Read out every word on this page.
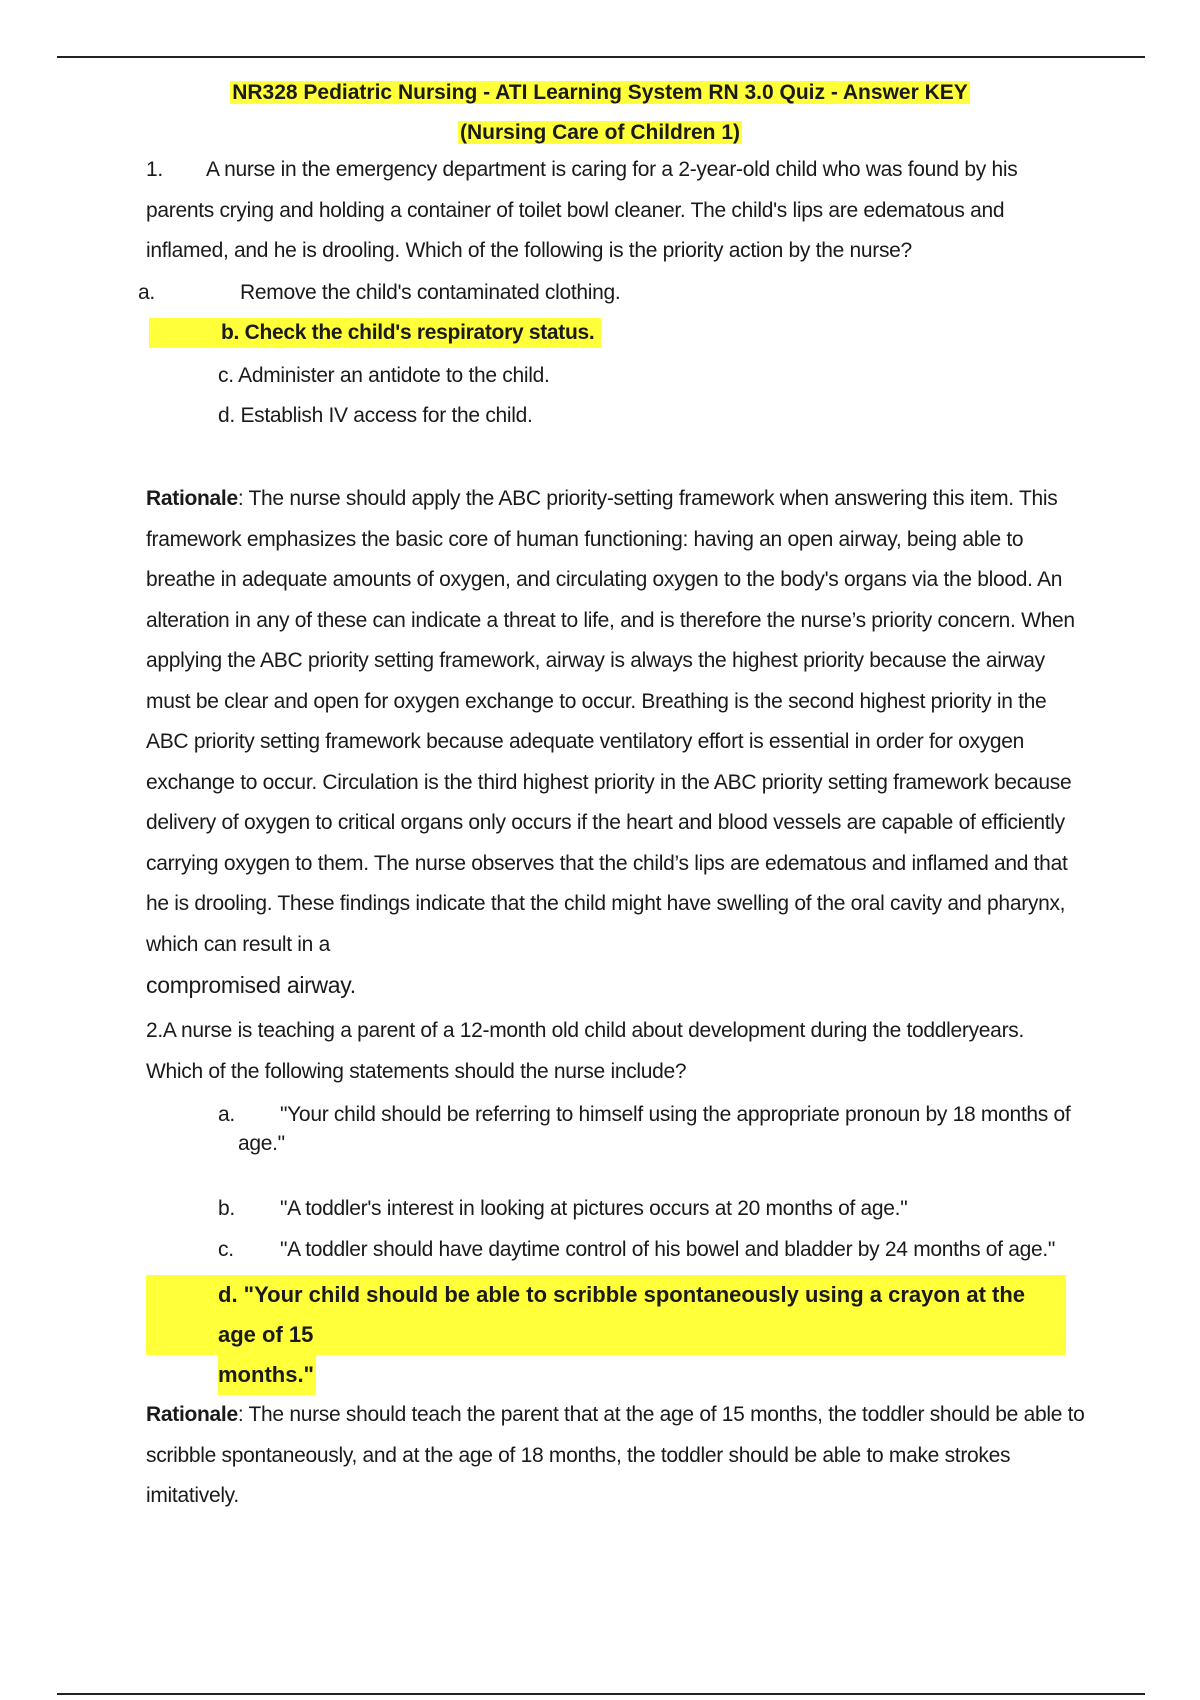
NR328 Pediatric Nursing - ATI Learning System RN 3.0 Quiz - Answer KEY
(Nursing Care of Children 1)
1. A nurse in the emergency department is caring for a 2-year-old child who was found by his parents crying and holding a container of toilet bowl cleaner. The child's lips are edematous and inflamed, and he is drooling. Which of the following is the priority action by the nurse?
a.	Remove the child's contaminated clothing.
b. Check the child's respiratory status.
c. Administer an antidote to the child.
d. Establish IV access for the child.
Rationale: The nurse should apply the ABC priority-setting framework when answering this item. This framework emphasizes the basic core of human functioning: having an open airway, being able to breathe in adequate amounts of oxygen, and circulating oxygen to the body's organs via the blood. An alteration in any of these can indicate a threat to life, and is therefore the nurse’s priority concern. When applying the ABC priority setting framework, airway is always the highest priority because the airway must be clear and open for oxygen exchange to occur. Breathing is the second highest priority in the ABC priority setting framework because adequate ventilatory effort is essential in order for oxygen exchange to occur. Circulation is the third highest priority in the ABC priority setting framework because delivery of oxygen to critical organs only occurs if the heart and blood vessels are capable of efficiently carrying oxygen to them. The nurse observes that the child’s lips are edematous and inflamed and that he is drooling. These findings indicate that the child might have swelling of the oral cavity and pharynx, which can result in a
compromised airway.
2.A nurse is teaching a parent of a 12-month old child about development during the toddleryears. Which of the following statements should the nurse include?
a. "Your child should be referring to himself using the appropriate pronoun by 18 months of
age."
b. "A toddler's interest in looking at pictures occurs at 20 months of age."
c. "A toddler should have daytime control of his bowel and bladder by 24 months of age."
d. "Your child should be able to scribble spontaneously using a crayon at the age of 15
months."
Rationale: The nurse should teach the parent that at the age of 15 months, the toddler should be able to scribble spontaneously, and at the age of 18 months, the toddler should be able to make strokes imitatively.
